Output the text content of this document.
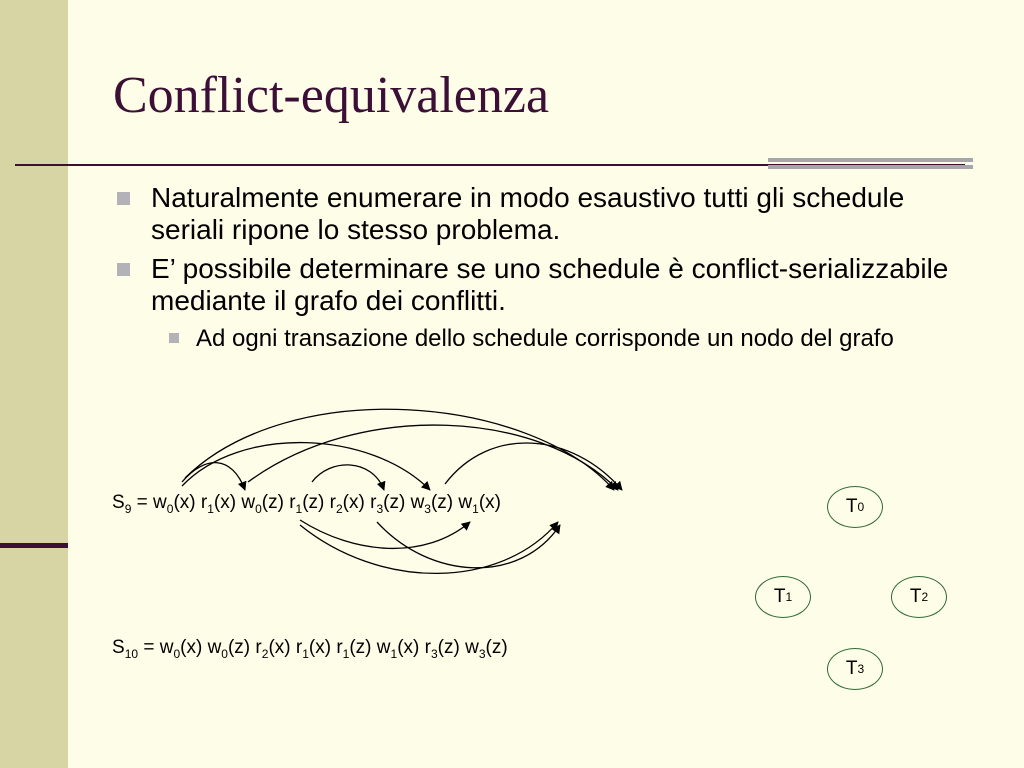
Conflict-equivalenza
Naturalmente enumerare in modo esaustivo tutti gli schedule seriali ripone lo stesso problema.
E’ possibile determinare se uno schedule è conflict-serializzabile mediante il grafo dei conflitti.
Ad ogni transazione dello schedule corrisponde un nodo del grafo
$S_9 = w_0(x)$ $r_1(x)$ $w_0(z)$ $r_1(z)$ $r_2(x)$ $r_3(z)$ $w_3(z)$ $w_1(x)$
$S_{10} = w_0(x)$ $w_0(z)$ $r_2(x)$ $r_1(x)$ $r_1(z)$ $w_1(x)$ $r_3(z)$ $w_3(z)$
T 0
T 1	T 2
T 3
